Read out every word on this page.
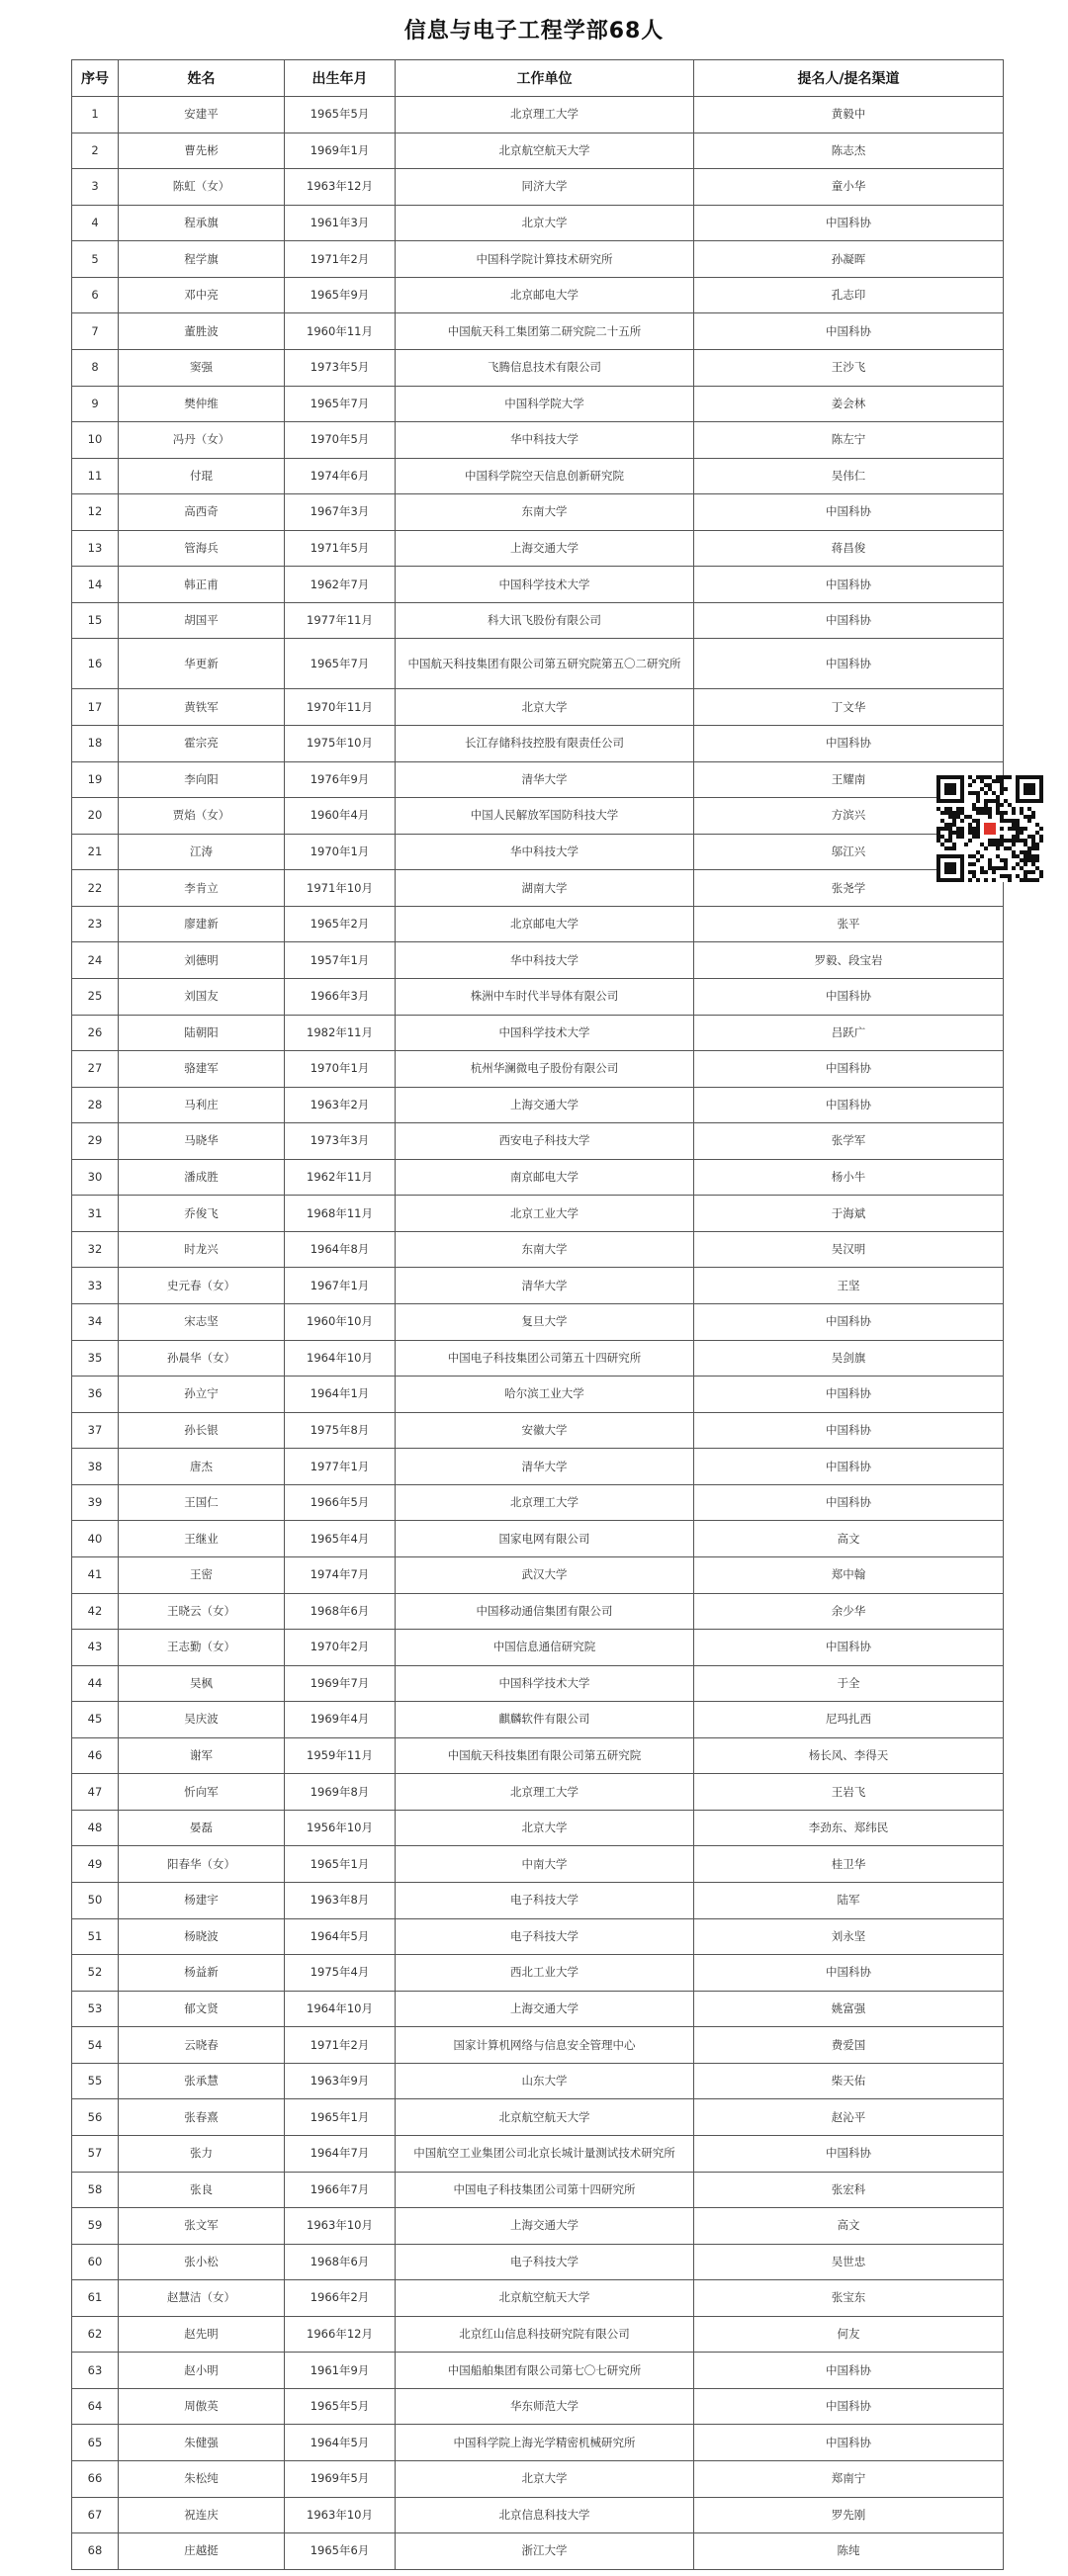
信息与电子工程学部68人
序号	姓名	出生年月	工作单位	提名人/提名渠道
1	安建平	1965年5月	北京理工大学	黄毅中
2	曹先彬	1969年1月	北京航空航天大学	陈志杰
3	陈虹（女）	1963年12月	同济大学	童小华
4	程承旗	1961年3月	北京大学	中国科协
5	程学旗	1971年2月	中国科学院计算技术研究所	孙凝晖
6	邓中亮	1965年9月	北京邮电大学	孔志印
7	董胜波	1960年11月	中国航天科工集团第二研究院二十五所	中国科协
8	窦强	1973年5月	飞腾信息技术有限公司	王沙飞
9	樊仲维	1965年7月	中国科学院大学	姜会林
10	冯丹（女）	1970年5月	华中科技大学	陈左宁
11	付琨	1974年6月	中国科学院空天信息创新研究院	吴伟仁
12	高西奇	1967年3月	东南大学	中国科协
13	管海兵	1971年5月	上海交通大学	蒋昌俊
14	韩正甫	1962年7月	中国科学技术大学	中国科协
15	胡国平	1977年11月	科大讯飞股份有限公司	中国科协
16	华更新	1965年7月	中国航天科技集团有限公司第五研究院第五〇二研究所	中国科协
17	黄铁军	1970年11月	北京大学	丁文华
18	霍宗亮	1975年10月	长江存储科技控股有限责任公司	中国科协
19	李向阳	1976年9月	清华大学	王耀南
20	贾焰（女）	1960年4月	中国人民解放军国防科技大学	方滨兴
21	江涛	1970年1月	华中科技大学	邬江兴
22	李肯立	1971年10月	湖南大学	张尧学
23	廖建新	1965年2月	北京邮电大学	张平
24	刘德明	1957年1月	华中科技大学	罗毅、段宝岩
25	刘国友	1966年3月	株洲中车时代半导体有限公司	中国科协
26	陆朝阳	1982年11月	中国科学技术大学	吕跃广
27	骆建军	1970年1月	杭州华澜微电子股份有限公司	中国科协
28	马利庄	1963年2月	上海交通大学	中国科协
29	马晓华	1973年3月	西安电子科技大学	张学军
30	潘成胜	1962年11月	南京邮电大学	杨小牛
31	乔俊飞	1968年11月	北京工业大学	于海斌
32	时龙兴	1964年8月	东南大学	吴汉明
33	史元春（女）	1967年1月	清华大学	王坚
34	宋志坚	1960年10月	复旦大学	中国科协
35	孙晨华（女）	1964年10月	中国电子科技集团公司第五十四研究所	吴剑旗
36	孙立宁	1964年1月	哈尔滨工业大学	中国科协
37	孙长银	1975年8月	安徽大学	中国科协
38	唐杰	1977年1月	清华大学	中国科协
39	王国仁	1966年5月	北京理工大学	中国科协
40	王继业	1965年4月	国家电网有限公司	高文
41	王密	1974年7月	武汉大学	郑中翰
42	王晓云（女）	1968年6月	中国移动通信集团有限公司	余少华
43	王志勤（女）	1970年2月	中国信息通信研究院	中国科协
44	吴枫	1969年7月	中国科学技术大学	于全
45	吴庆波	1969年4月	麒麟软件有限公司	尼玛扎西
46	谢军	1959年11月	中国航天科技集团有限公司第五研究院	杨长风、李得天
47	忻向军	1969年8月	北京理工大学	王岩飞
48	晏磊	1956年10月	北京大学	李劲东、郑纬民
49	阳春华（女）	1965年1月	中南大学	桂卫华
50	杨建宇	1963年8月	电子科技大学	陆军
51	杨晓波	1964年5月	电子科技大学	刘永坚
52	杨益新	1975年4月	西北工业大学	中国科协
53	郁文贤	1964年10月	上海交通大学	姚富强
54	云晓春	1971年2月	国家计算机网络与信息安全管理中心	费爱国
55	张承慧	1963年9月	山东大学	柴天佑
56	张春熹	1965年1月	北京航空航天大学	赵沁平
57	张力	1964年7月	中国航空工业集团公司北京长城计量测试技术研究所	中国科协
58	张良	1966年7月	中国电子科技集团公司第十四研究所	张宏科
59	张文军	1963年10月	上海交通大学	高文
60	张小松	1968年6月	电子科技大学	吴世忠
61	赵慧洁（女）	1966年2月	北京航空航天大学	张宝东
62	赵先明	1966年12月	北京红山信息科技研究院有限公司	何友
63	赵小明	1961年9月	中国船舶集团有限公司第七〇七研究所	中国科协
64	周傲英	1965年5月	华东师范大学	中国科协
65	朱健强	1964年5月	中国科学院上海光学精密机械研究所	中国科协
66	朱松纯	1969年5月	北京大学	郑南宁
67	祝连庆	1963年10月	北京信息科技大学	罗先刚
68	庄越挺	1965年6月	浙江大学	陈纯
